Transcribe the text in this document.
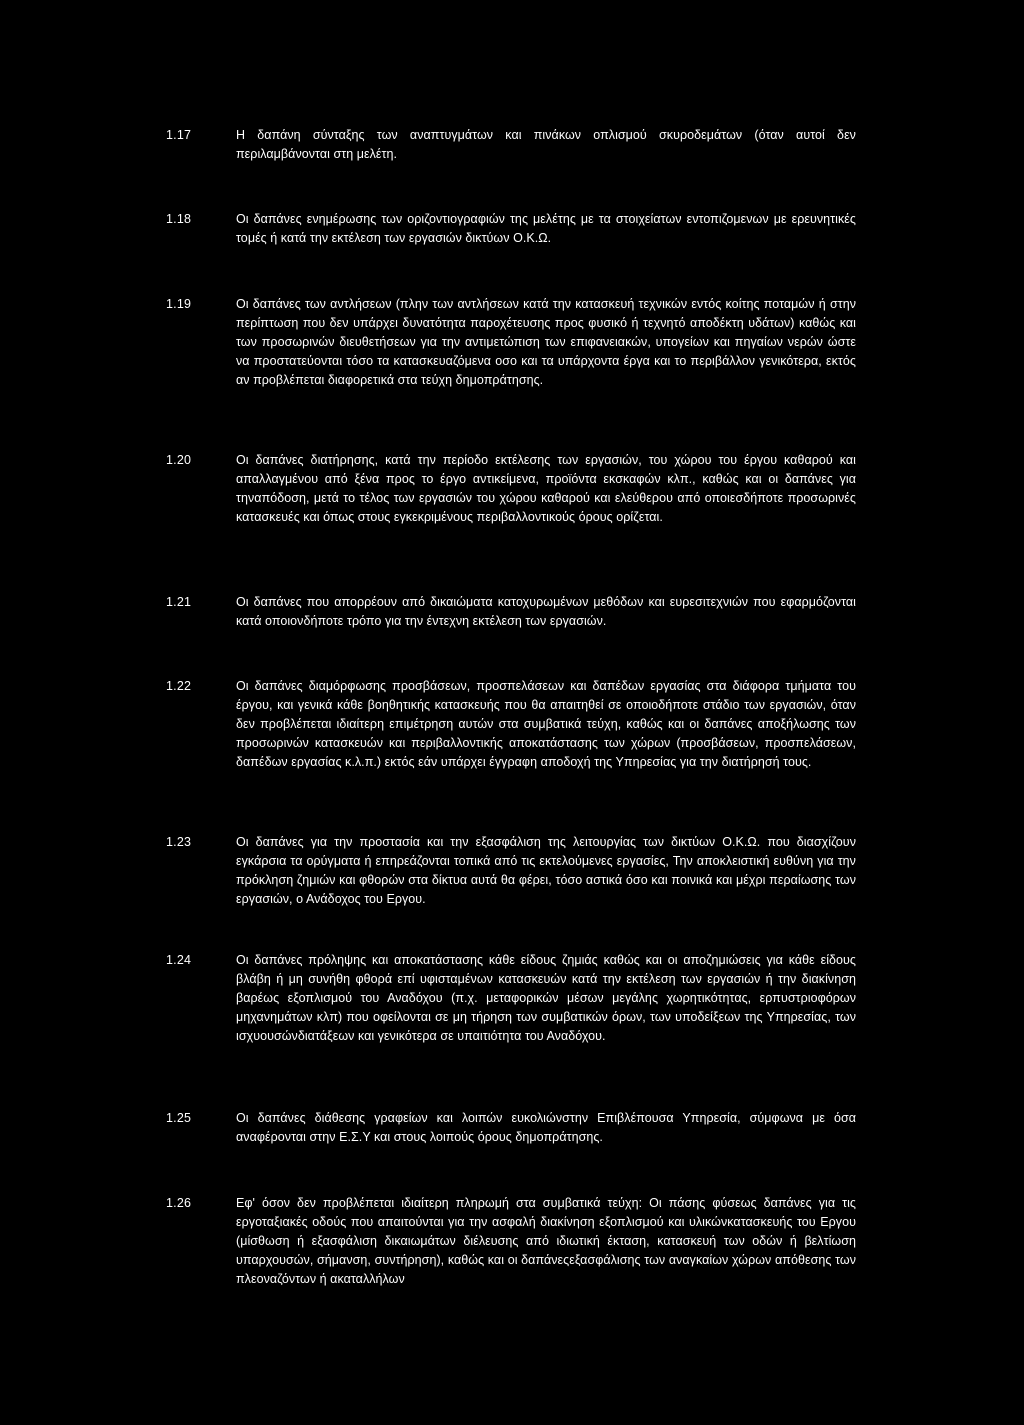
1.17	Η δαπάνη σύνταξης των αναπτυγμάτων και πινάκων οπλισμού σκυροδεμάτων (όταν αυτοί δεν περιλαμβάνονται στη μελέτη.
1.18	Οι δαπάνες ενημέρωσης των οριζοντιογραφιών της μελέτης με τα στοιχείατων εντοπιζομενων με ερευνητικές τομές ή κατά την εκτέλεση των εργασιών δικτύων Ο.Κ.Ω.
1.19	Οι δαπάνες των αντλήσεων (πλην των αντλήσεων κατά την κατασκευή τεχνικών εντός κοίτης ποταμών ή στην περίπτωση που δεν υπάρχει δυνατότητα παροχέτευσης προς φυσικό ή τεχνητό αποδέκτη υδάτων) καθώς και των προσωρινών διευθετήσεων για την αντιμετώπιση των επιφανειακών, υπογείων και πηγαίων νερών ώστε να προστατεύονται τόσο τα κατασκευαζόμενα οσο και τα υπάρχοντα έργα και το περιβάλλον γενικότερα, εκτός αν προβλέπεται διαφορετικά στα τεύχη δημοπράτησης.
1.20	Οι δαπάνες διατήρησης, κατά την περίοδο εκτέλεσης των εργασιών, του χώρου του έργου καθαρού και απαλλαγμένου από ξένα προς το έργο αντικείμενα, προϊόντα εκσκαφών κλπ., καθώς και οι δαπάνες για τηναπόδοση, μετά το τέλος των εργασιών του χώρου καθαρού και ελεύθερου από οποιεσδήποτε προσωρινές κατασκευές και όπως στους εγκεκριμένους περιβαλλοντικούς όρους ορίζεται.
1.21	Οι δαπάνες που απορρέουν από δικαιώματα κατοχυρωμένων μεθόδων και ευρεσιτεχνιών που εφαρμόζονται κατά οποιονδήποτε τρόπο για την έντεχνη εκτέλεση των εργασιών.
1.22	Οι δαπάνες διαμόρφωσης προσβάσεων, προσπελάσεων και δαπέδων εργασίας στα διάφορα τμήματα του έργου, και γενικά κάθε βοηθητικής κατασκευής που θα απαιτηθεί σε οποιοδήποτε στάδιο των εργασιών, όταν δεν προβλέπεται ιδιαίτερη επιμέτρηση αυτών στα συμβατικά τεύχη, καθώς και οι δαπάνες αποξήλωσης των προσωρινών κατασκευών και περιβαλλοντικής αποκατάστασης των χώρων (προσβάσεων, προσπελάσεων, δαπέδων εργασίας κ.λ.π.) εκτός εάν υπάρχει έγγραφη αποδοχή της Υπηρεσίας για την διατήρησή τους.
1.23	Οι δαπάνες για την προστασία και την εξασφάλιση της λειτουργίας των δικτύων Ο.Κ.Ω. που διασχίζουν εγκάρσια τα ορύγματα ή επηρεάζονται τοπικά από τις εκτελούμενες εργασίες, Την αποκλειστική ευθύνη για την πρόκληση ζημιών και φθορών στα δίκτυα αυτά θα φέρει, τόσο αστικά όσο και ποινικά και μέχρι περαίωσης των εργασιών, ο Ανάδοχος του Εργου.
1.24	Οι δαπάνες πρόληψης και αποκατάστασης κάθε είδους ζημιάς καθώς και οι αποζημιώσεις για κάθε είδους βλάβη ή μη συνήθη φθορά επί υφισταμένων κατασκευών κατά την εκτέλεση των εργασιών ή την διακίνηση βαρέως εξοπλισμού του Αναδόχου (π.χ. μεταφορικών μέσων μεγάλης χωρητικότητας, ερπυστριοφόρων μηχανημάτων κλπ) που οφείλονται σε μη τήρηση των συμβατικών όρων, των υποδείξεων της Υπηρεσίας, των ισχυουσώνδιατάξεων και γενικότερα σε υπαιτιότητα του Αναδόχου.
1.25	Οι δαπάνες διάθεσης γραφείων και λοιπών ευκολιώνστην Επιβλέπουσα Υπηρεσία, σύμφωνα με όσα αναφέρονται στην Ε.Σ.Υ και στους λοιπούς όρους δημοπράτησης.
1.26	Εφ' όσον δεν προβλέπεται ιδιαίτερη πληρωμή στα συμβατικά τεύχη: Οι πάσης φύσεως δαπάνες για τις εργοταξιακές οδούς που απαιτούνται για την ασφαλή διακίνηση εξοπλισμού και υλικώνκατασκευής του Εργου (μίσθωση ή εξασφάλιση δικαιωμάτων διέλευσης από ιδιωτική έκταση, κατασκευή των οδών ή βελτίωση υπαρχουσών, σήμανση, συντήρηση), καθώς και οι δαπάνεςεξασφάλισης των αναγκαίων χώρων απόθεσης των πλεοναζόντων ή ακαταλλήλων
